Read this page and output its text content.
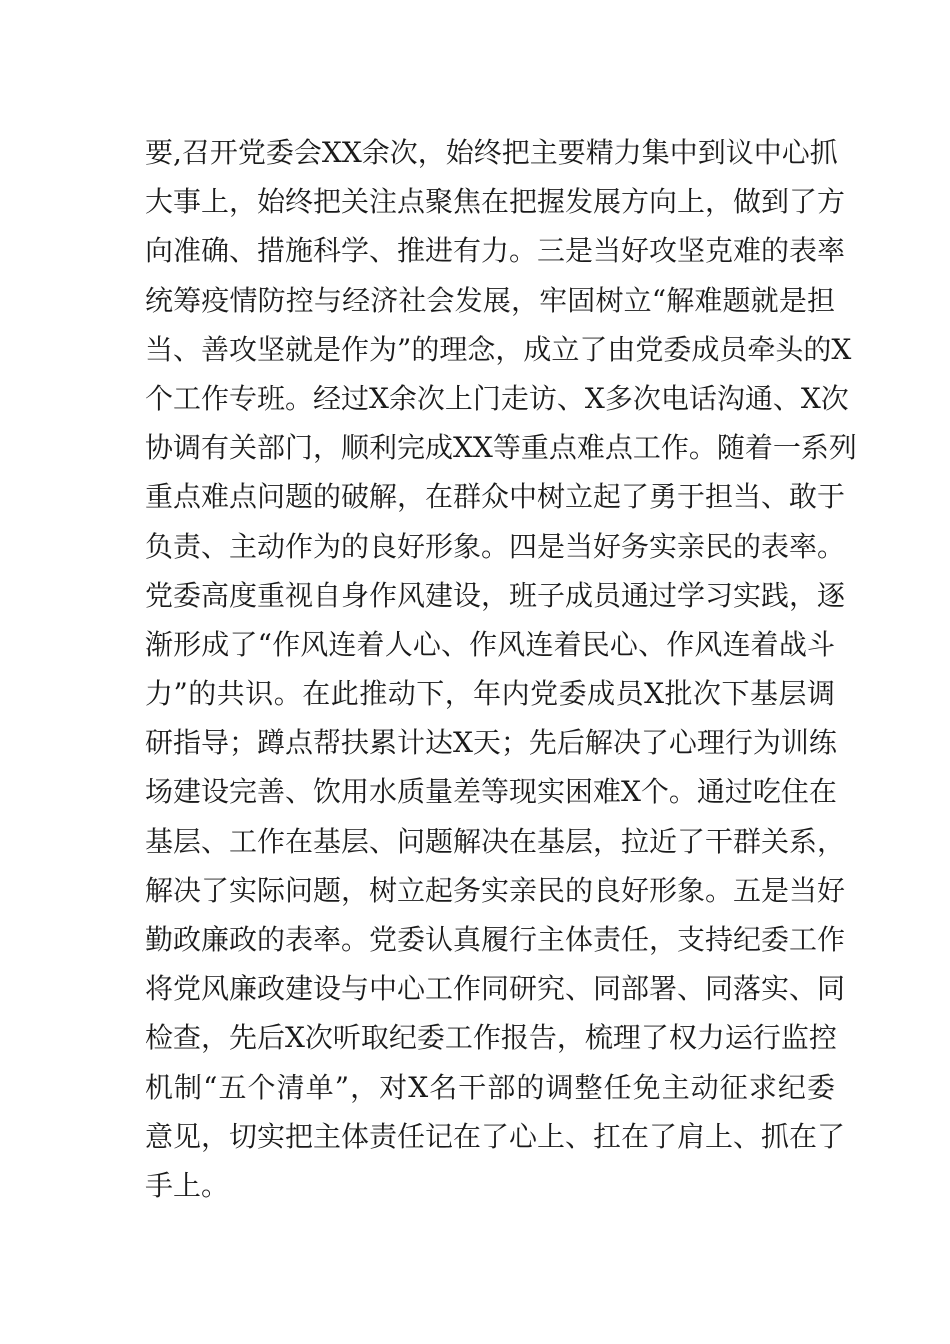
要,召开党委会XX余次，始终把主要精力集中到议中心抓
大事上，始终把关注点聚焦在把握发展方向上，做到了方
向准确、措施科学、推进有力。三是当好攻坚克难的表率
统筹疫情防控与经济社会发展，牢固树立“解难题就是担
当、善攻坚就是作为”的理念，成立了由党委成员牵头的X
个工作专班。经过X余次上门走访、X多次电话沟通、X次
协调有关部门，顺利完成XX等重点难点工作。随着一系列
重点难点问题的破解，在群众中树立起了勇于担当、敢于
负责、主动作为的良好形象。四是当好务实亲民的表率。
党委高度重视自身作风建设，班子成员通过学习实践，逐
渐形成了“作风连着人心、作风连着民心、作风连着战斗
力”的共识。在此推动下，年内党委成员X批次下基层调
研指导；蹲点帮扶累计达X天；先后解决了心理行为训练
场建设完善、饮用水质量差等现实困难X个。通过吃住在
基层、工作在基层、问题解决在基层，拉近了干群关系，
解决了实际问题，树立起务实亲民的良好形象。五是当好
勤政廉政的表率。党委认真履行主体责任，支持纪委工作
将党风廉政建设与中心工作同研究、同部署、同落实、同
检查，先后X次听取纪委工作报告，梳理了权力运行监控
机制“五个清单”，对X名干部的调整任免主动征求纪委
意见，切实把主体责任记在了心上、扛在了肩上、抓在了
手上。
